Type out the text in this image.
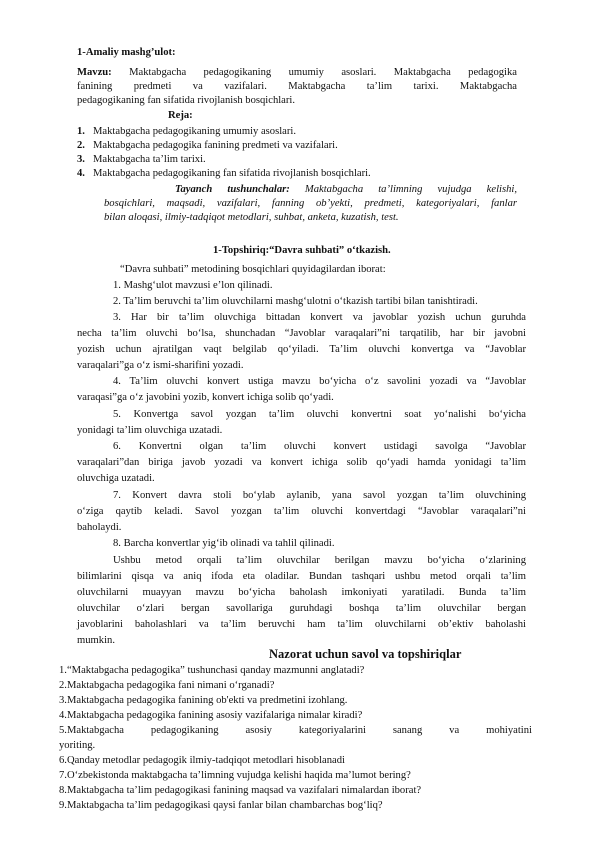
1-Amaliy mashg’ulot:

Mavzu: Maktabgacha pedagogikaning umumiy asoslari. Maktabgacha pedagogika

fanining predmeti va vazifalari. Maktabgacha ta’lim tarixi. Maktabgacha

pedagogikaning fan sifatida rivojlanish bosqichlari.

Reja:

1. Maktabgacha pedagogikaning umumiy asoslari.

2. Maktabgacha pedagogika fanining predmeti va vazifalari.

3. Maktabgacha ta’lim tarixi.

4. Maktabgacha pedagogikaning fan sifatida rivojlanish bosqichlari.

Tayanch tushunchalar: Maktabgacha ta’limning vujudga kelishi,

bosqichlari, maqsadi, vazifalari, fanning ob’yekti, predmeti, kategoriyalari, fanlar

bilan aloqasi, ilmiy-tadqiqot metodlari, suhbat, anketa, kuzatish, test.

1-Topshiriq:“Davra suhbati” o‘tkazish.

“Davra suhbati” metodining bosqichlari quyidagilardan iborat:

1. Mashg‘ulot mavzusi e’lon qilinadi.

2. Ta’lim beruvchi ta’lim oluvchilarni mashg‘ulotni o‘tkazish tartibi bilan tanishtiradi.

3. Har bir ta’lim oluvchiga bittadan konvert va javoblar yozish uchun guruhda

necha ta’lim oluvchi bo‘lsa, shunchadan “Javoblar varaqalari”ni tarqatilib, har bir javobni

yozish uchun ajratilgan vaqt belgilab qo‘yiladi. Ta’lim oluvchi konvertga va “Javoblar

varaqalari”ga o‘z ismi-sharifini yozadi.

4. Ta’lim oluvchi konvert ustiga mavzu bo‘yicha o‘z savolini yozadi va “Javoblar

varaqasi”ga o‘z javobini yozib, konvert ichiga solib qo‘yadi.

5. Konvertga savol yozgan ta’lim oluvchi konvertni soat yo‘nalishi bo‘yicha

yonidagi ta’lim oluvchiga uzatadi.

6. Konvertni olgan ta’lim oluvchi konvert ustidagi savolga “Javoblar

varaqalari”dan biriga javob yozadi va konvert ichiga solib qo‘yadi hamda yonidagi ta’lim

oluvchiga uzatadi.

7. Konvert davra stoli bo‘ylab aylanib, yana savol yozgan ta’lim oluvchining

o‘ziga qaytib keladi. Savol yozgan ta’lim oluvchi konvertdagi “Javoblar varaqalari”ni

baholaydi.

8. Barcha konvertlar yig‘ib olinadi va tahlil qilinadi.

Ushbu metod orqali ta’lim oluvchilar berilgan mavzu bo‘yicha o‘zlarining

bilimlarini qisqa va aniq ifoda eta oladilar. Bundan tashqari ushbu metod orqali ta’lim

oluvchilarni muayyan mavzu bo‘yicha baholash imkoniyati yaratiladi. Bunda ta’lim

oluvchilar o‘zlari bergan savollariga guruhdagi boshqa ta’lim oluvchilar bergan

javoblarini baholashlari va ta’lim beruvchi ham ta’lim oluvchilarni ob’ektiv baholashi

mumkin.

Nazorat uchun savol va topshiriqlar

1.“Maktabgacha pedagogika” tushunchasi qanday mazmunni anglatadi?

2.Maktabgacha pedagogika fani nimani o‘rganadi?

3.Maktabgacha pedagogika fanining ob'ekti va predmetini izohlang.

4.Maktabgacha pedagogika fanining asosiy vazifalariga nimalar kiradi?

5.Maktabgacha pedagogikaning asosiy kategoriyalarini sanang va mohiyatini

yoriting.

6.Qanday metodlar pedagogik ilmiy-tadqiqot metodlari hisoblanadi

7.O‘zbekistonda maktabgacha ta’limning vujudga kelishi haqida ma’lumot bering?

8.Maktabgacha ta’lim pedagogikasi fanining maqsad va vazifalari nimalardan iborat?

9.Maktabgacha ta’lim pedagogikasi qaysi fanlar bilan chambarchas bog‘liq?
